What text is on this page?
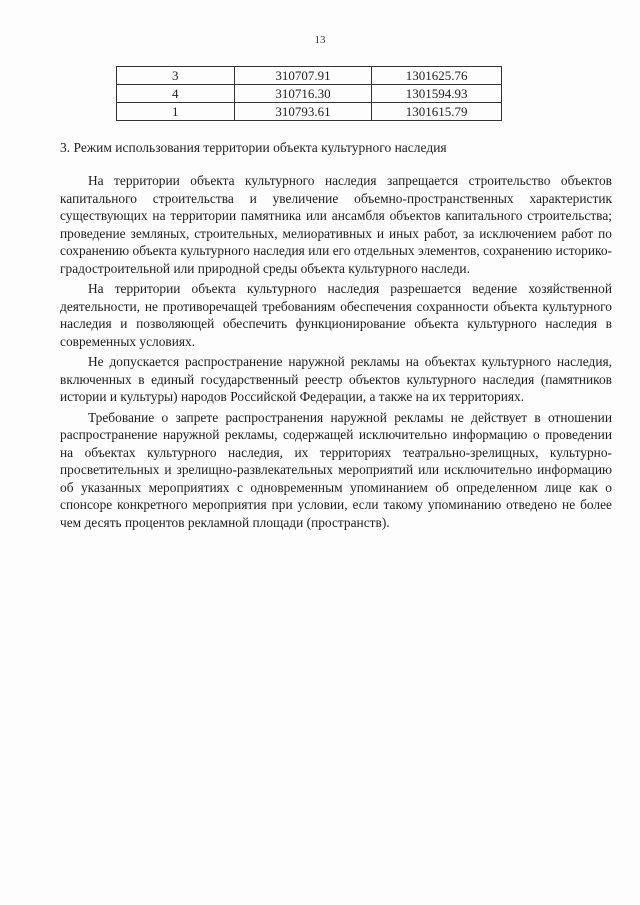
13
3	310707.91	1301625.76
4	310716.30	1301594.93
1	310793.61	1301615.79
3. Режим использования территории объекта культурного наследия

На территории объекта культурного наследия запрещается строительство объектов капитального строительства и увеличение объемно-пространственных характеристик существующих на территории памятника или ансамбля объектов капитального строительства; проведение земляных, строительных, мелиоративных и иных работ, за исключением работ по сохранению объекта культурного наследия или его отдельных элементов, сохранению историко-градостроительной или природной среды объекта культурного наследи.

На территории объекта культурного наследия разрешается ведение хозяйственной деятельности, не противоречащей требованиям обеспечения сохранности объекта культурного наследия и позволяющей обеспечить функционирование объекта культурного наследия в современных условиях.

Не допускается распространение наружной рекламы на объектах культурного наследия, включенных в единый государственный реестр объектов культурного наследия (памятников истории и культуры) народов Российской Федерации, а также на их территориях.

Требование о запрете распространения наружной рекламы не действует в отношении распространение наружной рекламы, содержащей исключительно информацию о проведении на объектах культурного наследия, их территориях театрально-зрелищных, культурно-просветительных и зрелищно-развлекательных мероприятий или исключительно информацию об указанных мероприятиях с одновременным упоминанием об определенном лице как о спонсоре конкретного мероприятия при условии, если такому упоминанию отведено не более чем десять процентов рекламной площади (пространств).
